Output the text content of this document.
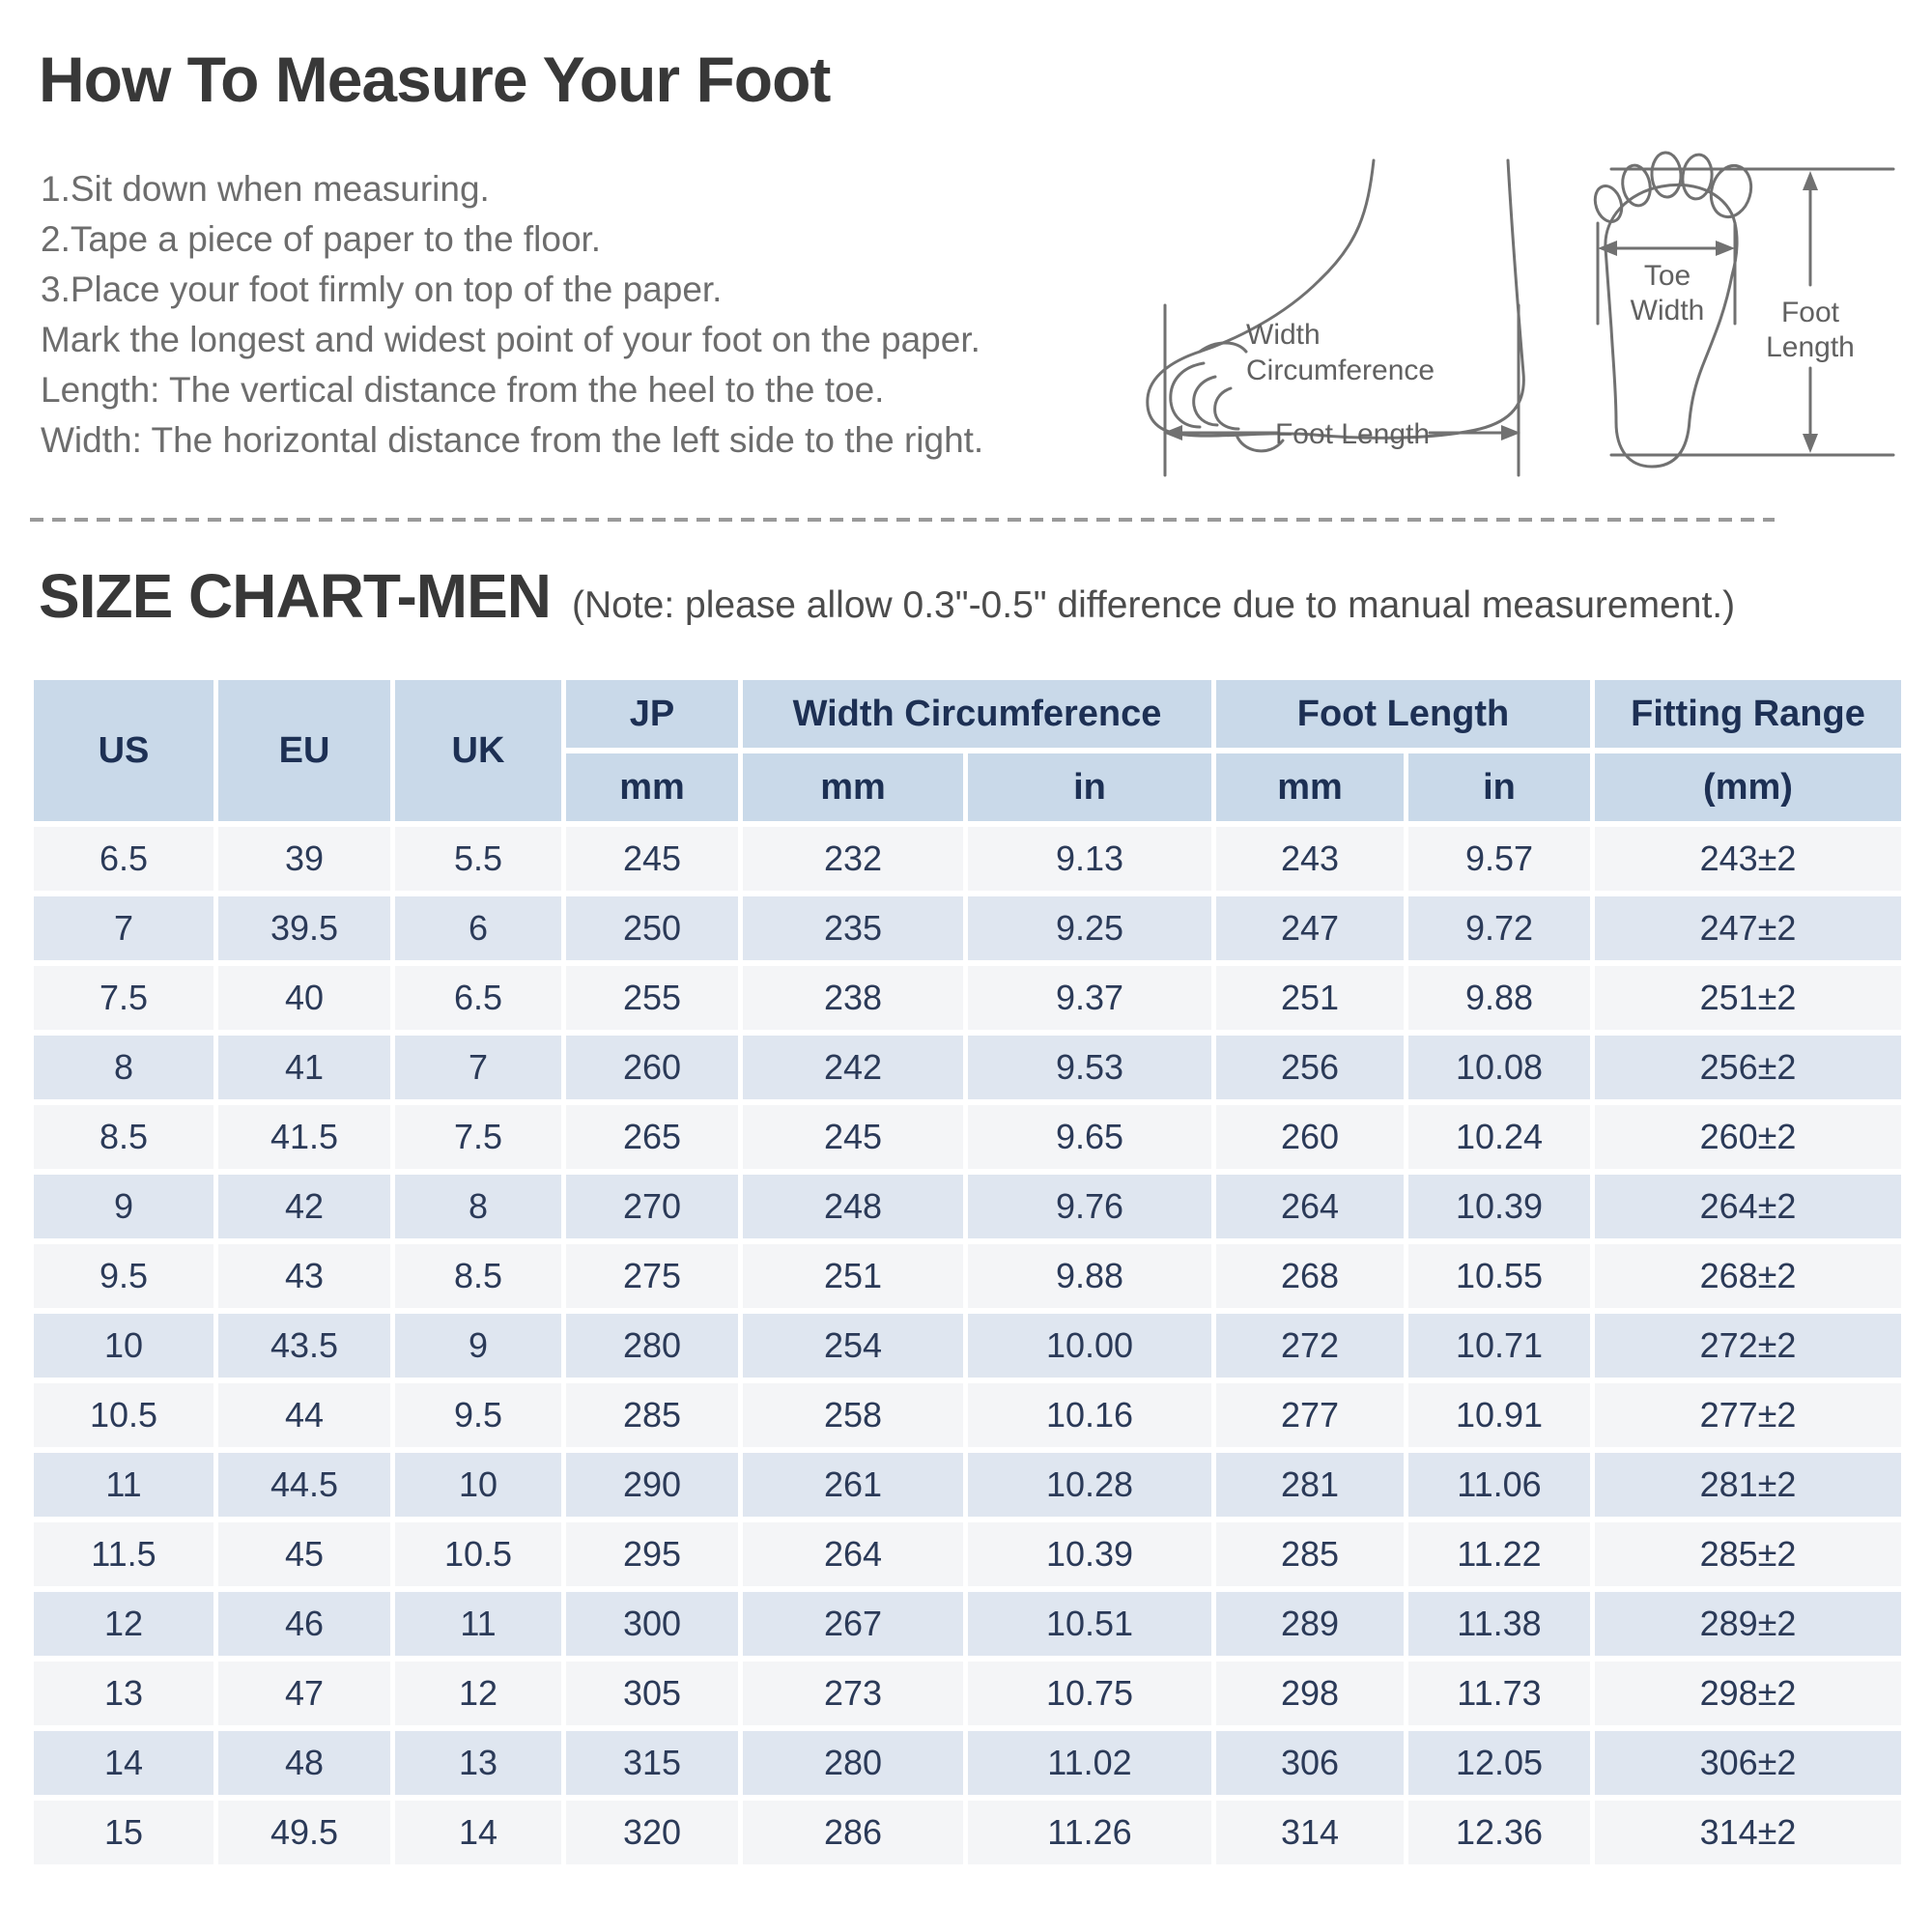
How To Measure Your Foot
1.Sit down when measuring.
2.Tape a piece of paper to the floor.
3.Place your foot firmly on top of the paper.
Mark the longest and widest point of your foot on the paper.
Length: The vertical distance from the heel to the toe.
Width: The horizontal distance from the left side to the right.
Width
Circumference
Foot Length
Toe
Width	Foot
Length
SIZE CHART-MEN (Note: please allow 0.3"-0.5" difference due to manual measurement.)
US	EU	UK	JP	Width Circumference		Foot Length		Fitting Range
			mm	mm	in	mm	in	(mm)
6.5	39	5.5	245	232	9.13	243	9.57	243±2
7	39.5	6	250	235	9.25	247	9.72	247±2
7.5	40	6.5	255	238	9.37	251	9.88	251±2
8	41	7	260	242	9.53	256	10.08	256±2
8.5	41.5	7.5	265	245	9.65	260	10.24	260±2
9	42	8	270	248	9.76	264	10.39	264±2
9.5	43	8.5	275	251	9.88	268	10.55	268±2
10	43.5	9	280	254	10.00	272	10.71	272±2
10.5	44	9.5	285	258	10.16	277	10.91	277±2
11	44.5	10	290	261	10.28	281	11.06	281±2
11.5	45	10.5	295	264	10.39	285	11.22	285±2
12	46	11	300	267	10.51	289	11.38	289±2
13	47	12	305	273	10.75	298	11.73	298±2
14	48	13	315	280	11.02	306	12.05	306±2
15	49.5	14	320	286	11.26	314	12.36	314±2
